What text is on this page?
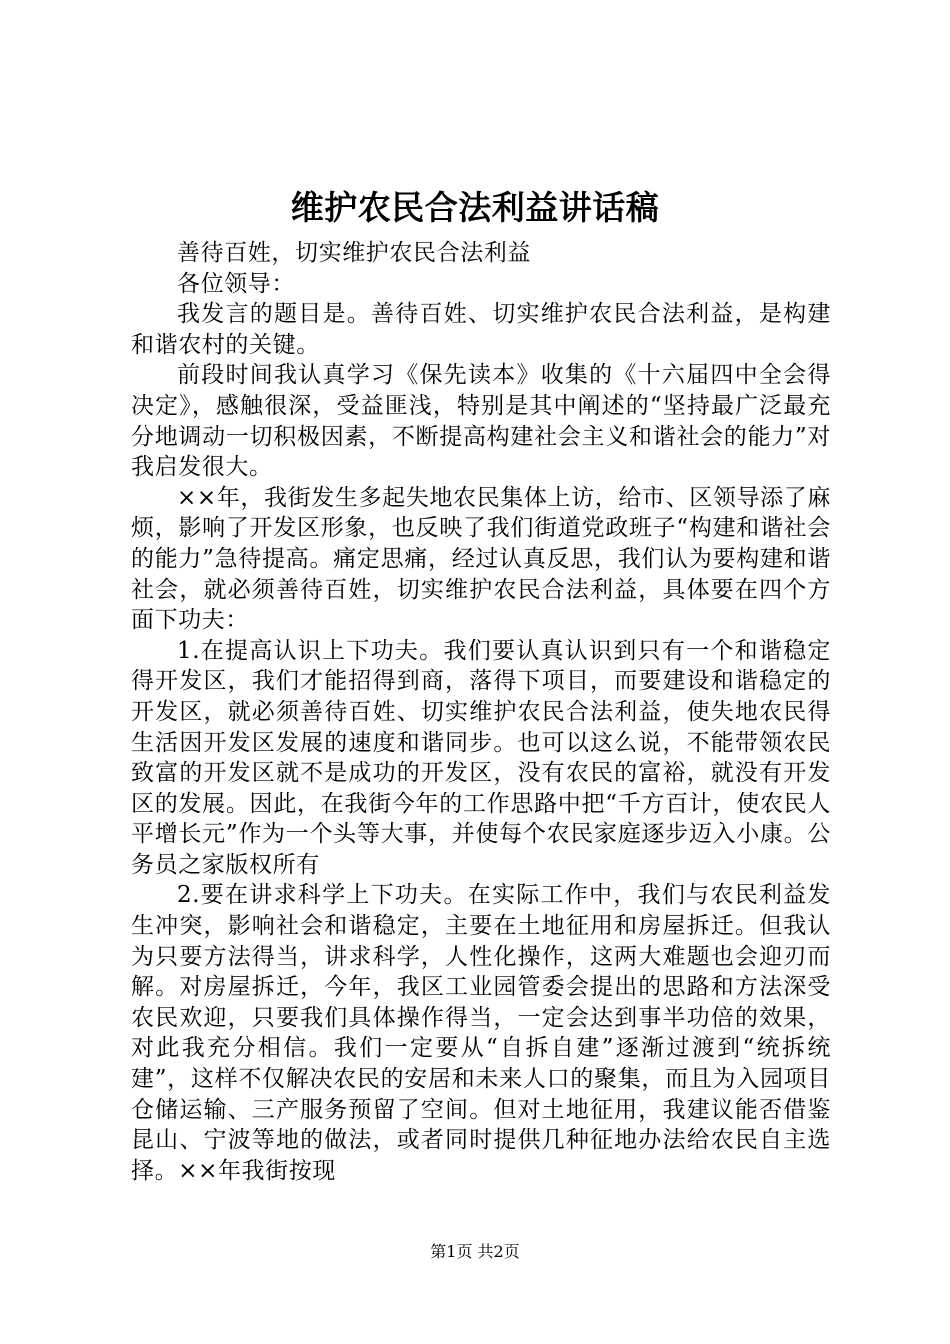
维护农民合法利益讲话稿

善待百姓，切实维护农民合法利益

各位领导：

我发言的题目是。善待百姓、切实维护农民合法利益，是构建和谐农村的关键。

前段时间我认真学习《保先读本》收集的《十六届四中全会得决定》，感触很深，受益匪浅，特别是其中阐述的“坚持最广泛最充分地调动一切积极因素，不断提高构建社会主义和谐社会的能力”对我启发很大。

××年，我街发生多起失地农民集体上访，给市、区领导添了麻烦，影响了开发区形象，也反映了我们街道党政班子“构建和谐社会的能力”急待提高。痛定思痛，经过认真反思，我们认为要构建和谐社会，就必须善待百姓，切实维护农民合法利益，具体要在四个方面下功夫：

1.在提高认识上下功夫。我们要认真认识到只有一个和谐稳定得开发区，我们才能招得到商，落得下项目，而要建设和谐稳定的开发区，就必须善待百姓、切实维护农民合法利益，使失地农民得生活因开发区发展的速度和谐同步。也可以这么说，不能带领农民致富的开发区就不是成功的开发区，没有农民的富裕，就没有开发区的发展。因此，在我街今年的工作思路中把“千方百计，使农民人平增长元”作为一个头等大事，并使每个农民家庭逐步迈入小康。公务员之家版权所有

2.要在讲求科学上下功夫。在实际工作中，我们与农民利益发生冲突，影响社会和谐稳定，主要在土地征用和房屋拆迁。但我认为只要方法得当，讲求科学，人性化操作，这两大难题也会迎刃而解。对房屋拆迁，今年，我区工业园管委会提出的思路和方法深受农民欢迎，只要我们具体操作得当，一定会达到事半功倍的效果，对此我充分相信。我们一定要从“自拆自建”逐渐过渡到“统拆统建”，这样不仅解决农民的安居和未来人口的聚集，而且为入园项目仓储运输、三产服务预留了空间。但对土地征用，我建议能否借鉴昆山、宁波等地的做法，或者同时提供几种征地办法给农民自主选择。××年我街按现

第1页 共2页
